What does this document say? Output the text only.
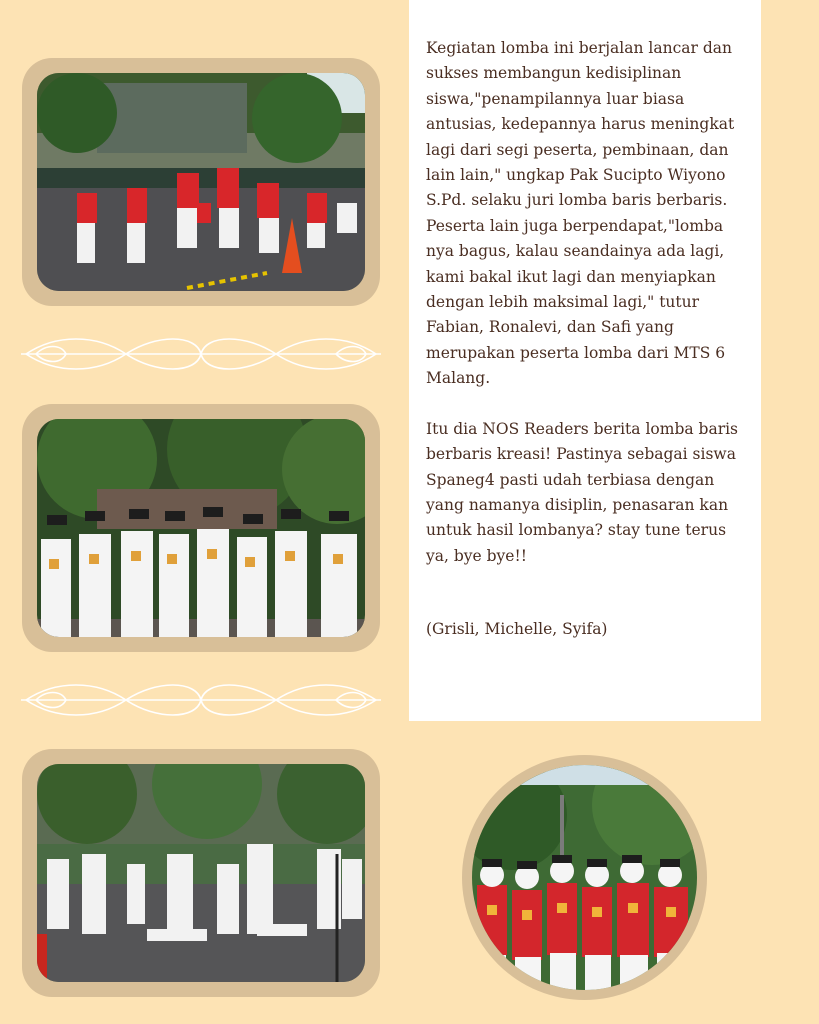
Kegiatan lomba ini berjalan lancar dan sukses membangun kedisiplinan siswa,"penampilannya luar biasa antusias, kedepannya harus meningkat lagi dari segi peserta, pembinaan, dan lain lain," ungkap Pak Sucipto Wiyono S.Pd. selaku juri lomba baris berbaris. Peserta lain juga berpendapat,"lomba nya bagus, kalau seandainya ada lagi, kami bakal ikut lagi dan menyiapkan dengan lebih maksimal lagi," tutur Fabian, Ronalevi, dan Safi yang merupakan peserta lomba dari MTS 6 Malang.

Itu dia NOS Readers berita lomba baris berbaris kreasi! Pastinya sebagai siswa Spaneg4 pasti udah terbiasa dengan yang namanya disiplin, penasaran kan untuk hasil lombanya? stay tune terus ya, bye bye!!

(Grisli, Michelle, Syifa)
